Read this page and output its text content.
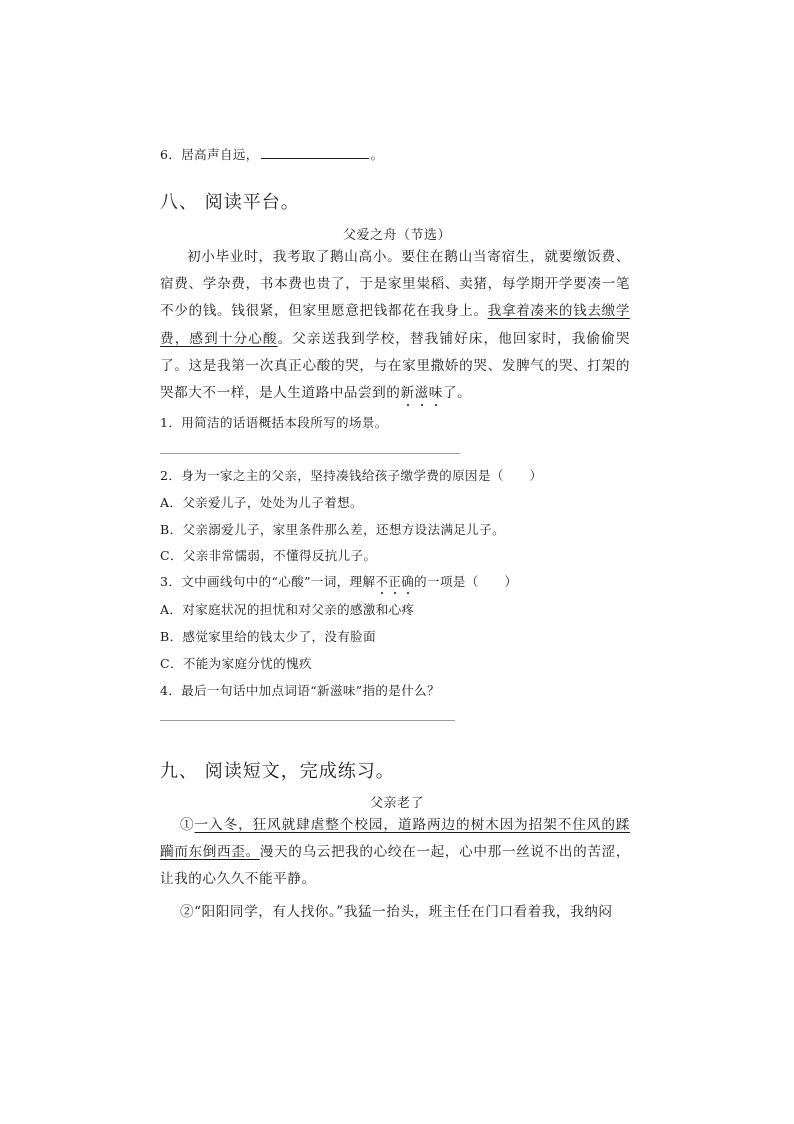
6．居高声自远，	。
八、 阅读平台。
父爱之舟（节选）
初小毕业时，我考取了鹅山高小。要住在鹅山当寄宿生，就要缴饭费、宿费、学杂费，书本费也贵了，于是家里粜稻、卖猪，每学期开学要凑一笔不少的钱。钱很紧，但家里愿意把钱都花在我身上。我拿着凑来的钱去缴学费，感到十分心酸。父亲送我到学校，替我铺好床，他回家时，我偷偷哭了。这是我第一次真正心酸的哭，与在家里撒娇的哭、发脾气的哭、打架的哭都大不一样，是人生道路中品尝到的新滋味了。
1．用简洁的话语概括本段所写的场景。
2．身为一家之主的父亲，坚持凑钱给孩子缴学费的原因是（　　）
A．父亲爱儿子，处处为儿子着想。
B．父亲溺爱儿子，家里条件那么差，还想方设法满足儿子。
C．父亲非常懦弱，不懂得反抗儿子。
3．文中画线句中的“心酸”一词，理解不正确的一项是（　　）
A．对家庭状况的担忧和对父亲的感激和心疼
B．感觉家里给的钱太少了，没有脸面
C．不能为家庭分忧的愧疚
4．最后一句话中加点词语“新滋味”指的是什么？
九、 阅读短文，完成练习。
父亲老了
①一入冬，狂风就肆虐整个校园，道路两边的树木因为招架不住风的蹂躏而东倒西歪。漫天的乌云把我的心绞在一起，心中那一丝说不出的苦涩，让我的心久久不能平静。
②“阳阳同学，有人找你。”我猛一抬头，班主任在门口看着我，我纳闷
